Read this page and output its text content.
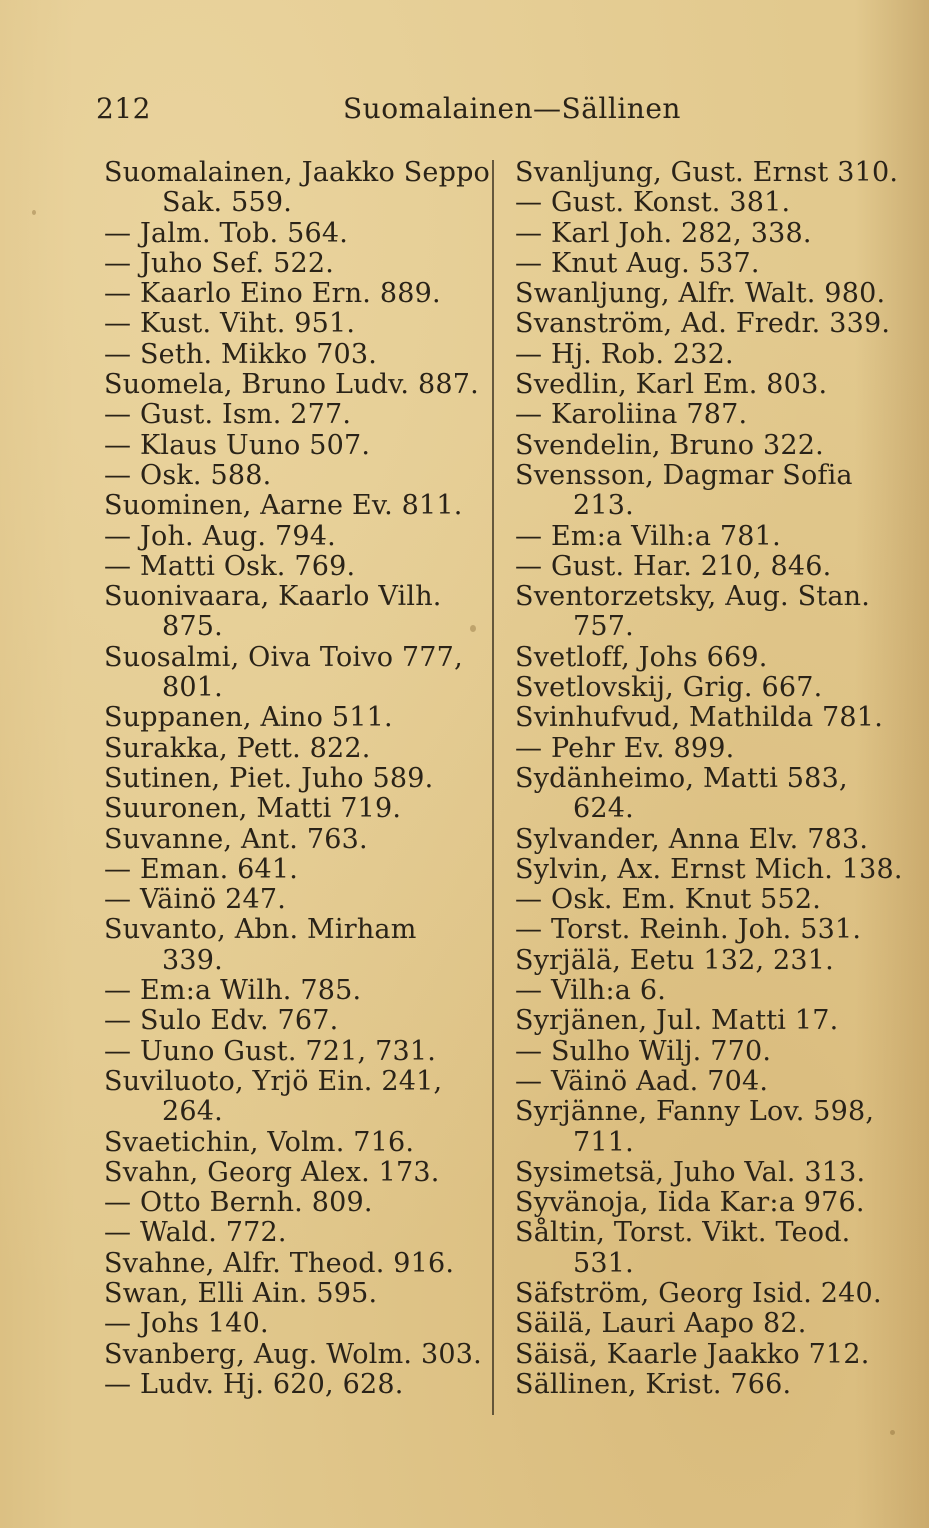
212	Suomalainen—Sällinen
Suomalainen, Jaakko Seppo
Sak. 559.
— Jalm. Tob. 564.
— Juho Sef. 522.
— Kaarlo Eino Ern. 889.
— Kust. Viht. 951.
— Seth. Mikko 703.
Suomela, Bruno Ludv. 887.
— Gust. Ism. 277.
— Klaus Uuno 507.
— Osk. 588.
Suominen, Aarne Ev. 811.
— Joh. Aug. 794.
— Matti Osk. 769.
Suonivaara, Kaarlo Vilh.
875.
Suosalmi, Oiva Toivo 777,
801.
Suppanen, Aino 511.
Surakka, Pett. 822.
Sutinen, Piet. Juho 589.
Suuronen, Matti 719.
Suvanne, Ant. 763.
— Eman. 641.
— Väinö 247.
Suvanto, Abn. Mirham
339.
— Em:a Wilh. 785.
— Sulo Edv. 767.
— Uuno Gust. 721, 731.
Suviluoto, Yrjö Ein. 241,
264.
Svaetichin, Volm. 716.
Svahn, Georg Alex. 173.
— Otto Bernh. 809.
— Wald. 772.
Svahne, Alfr. Theod. 916.
Swan, Elli Ain. 595.
— Johs 140.
Svanberg, Aug. Wolm. 303.
— Ludv. Hj. 620, 628.
Svanljung, Gust. Ernst 310.
— Gust. Konst. 381.
— Karl Joh. 282, 338.
— Knut Aug. 537.
Swanljung, Alfr. Walt. 980.
Svanström, Ad. Fredr. 339.
— Hj. Rob. 232.
Svedlin, Karl Em. 803.
— Karoliina 787.
Svendelin, Bruno 322.
Svensson, Dagmar Sofia
213.
— Em:a Vilh:a 781.
— Gust. Har. 210, 846.
Sventorzetsky, Aug. Stan.
757.
Svetloff, Johs 669.
Svetlovskij, Grig. 667.
Svinhufvud, Mathilda 781.
— Pehr Ev. 899.
Sydänheimo, Matti 583,
624.
Sylvander, Anna Elv. 783.
Sylvin, Ax. Ernst Mich. 138.
— Osk. Em. Knut 552.
— Torst. Reinh. Joh. 531.
Syrjälä, Eetu 132, 231.
— Vilh:a 6.
Syrjänen, Jul. Matti 17.
— Sulho Wilj. 770.
— Väinö Aad. 704.
Syrjänne, Fanny Lov. 598,
711.
Sysimetsä, Juho Val. 313.
Syvänoja, Iida Kar:a 976.
Såltin, Torst. Vikt. Teod.
531.
Säfström, Georg Isid. 240.
Säilä, Lauri Aapo 82.
Säisä, Kaarle Jaakko 712.
Sällinen, Krist. 766.
